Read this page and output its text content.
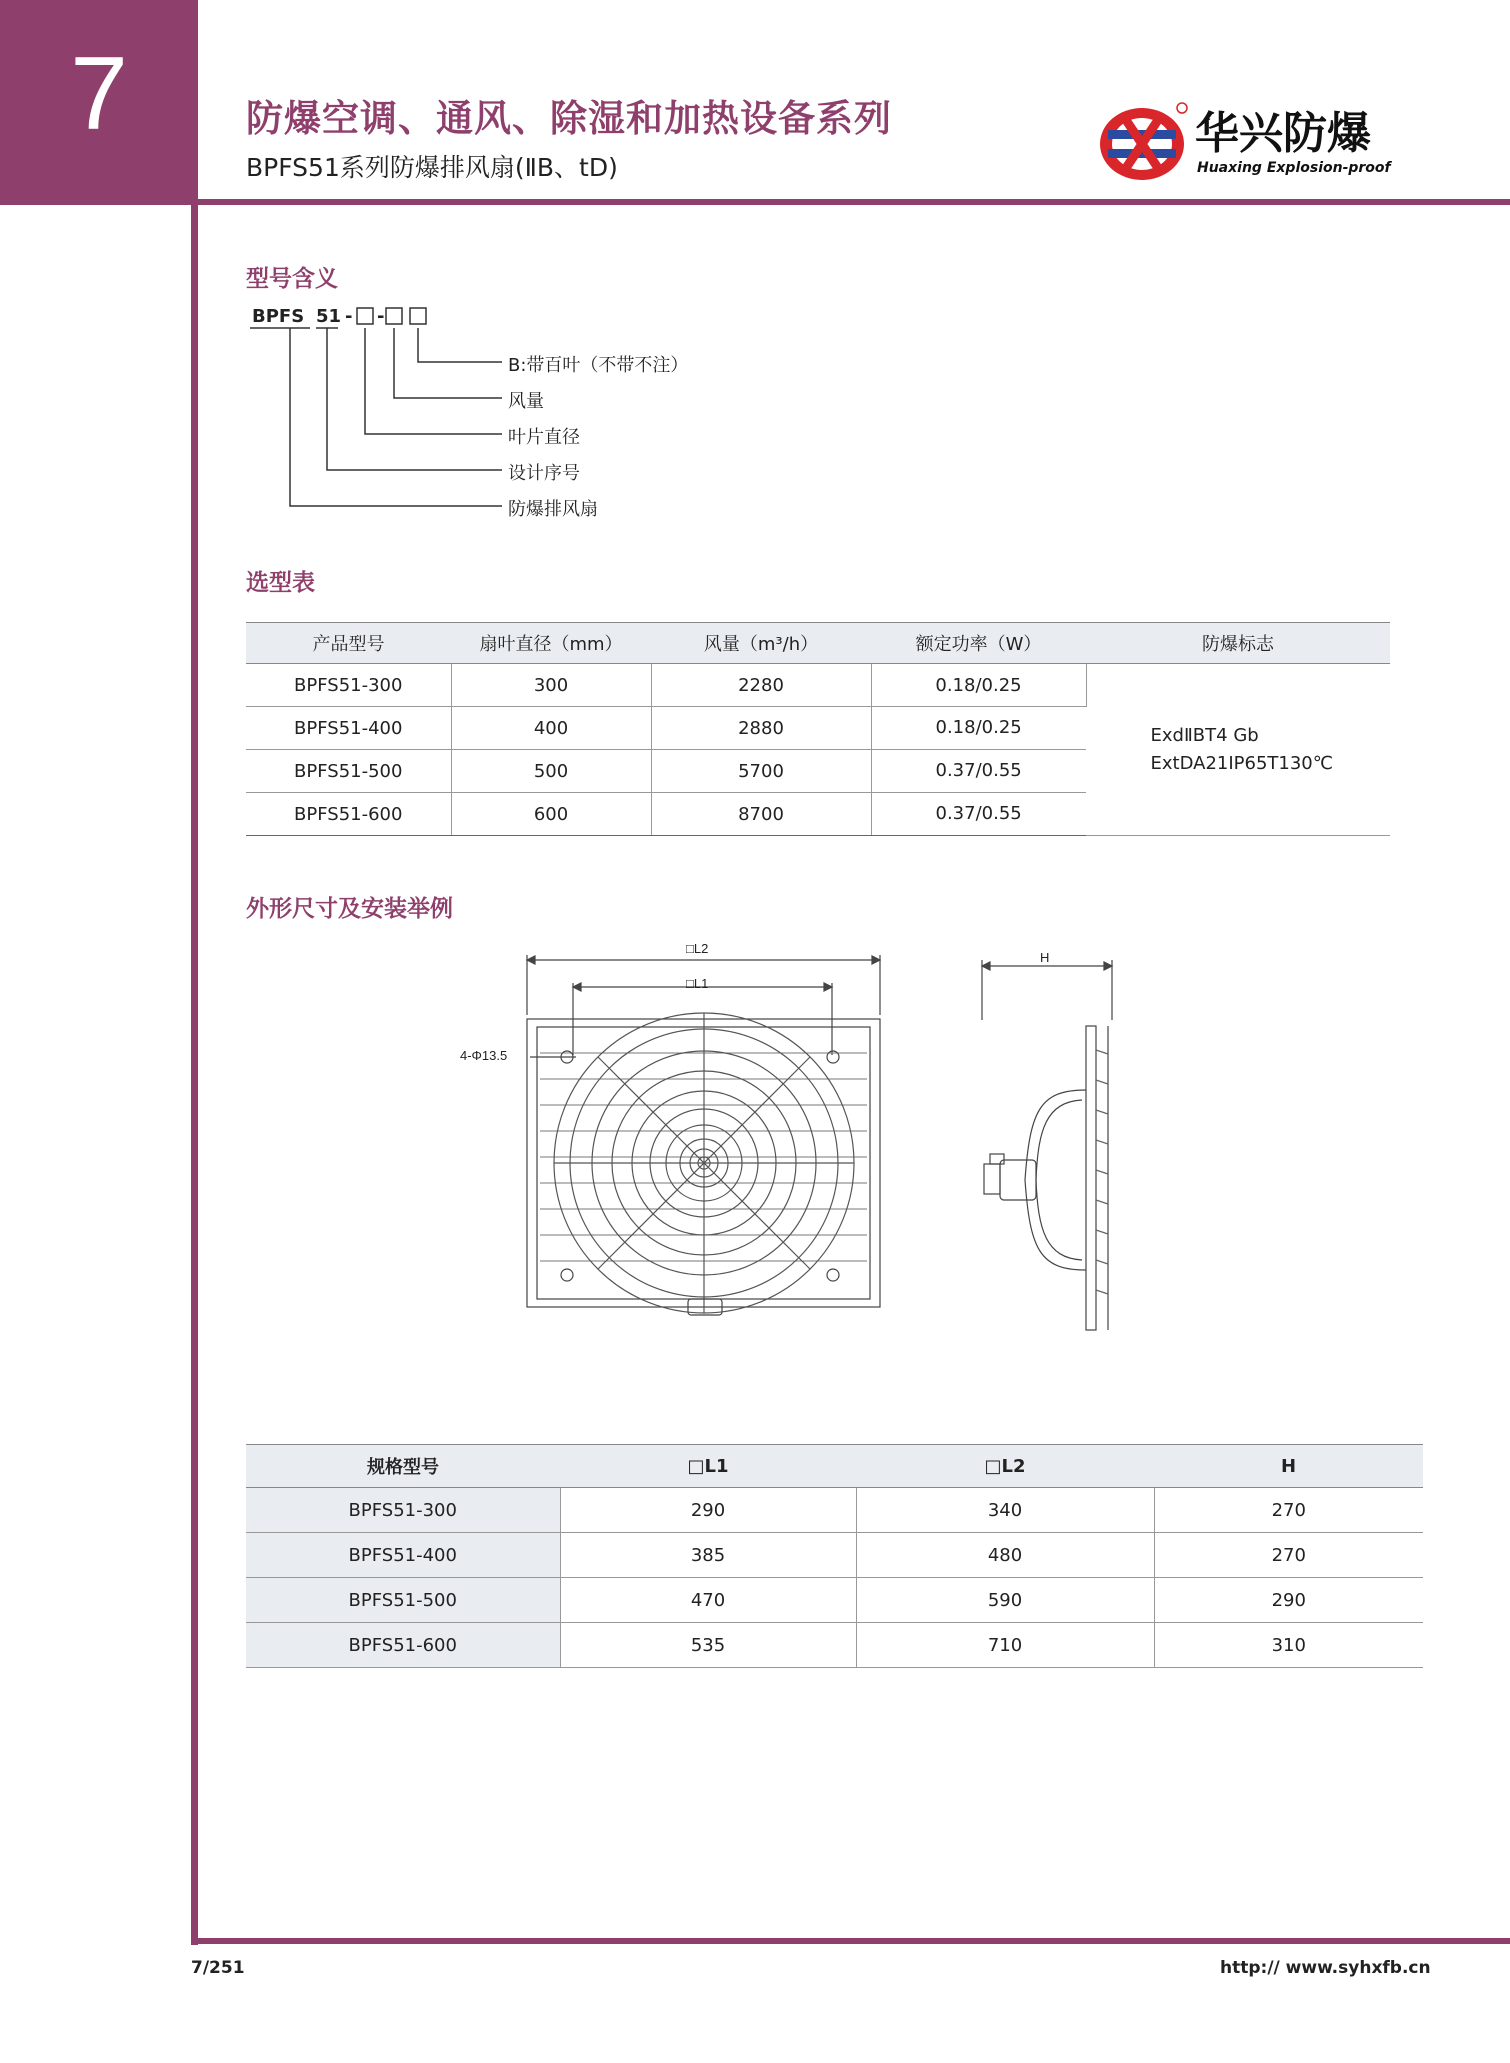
7	防爆空调、通风、除湿和加热设备系列
BPFS51系列防爆排风扇(ⅡB、tD)
华兴防爆
Huaxing Explosion-proof
型号含义
BPFS 51 - -
B:带百叶（不带不注）
风量
叶片直径
设计序号
防爆排风扇
选型表
产品型号	扇叶直径（mm）	风量（m³/h）	额定功率（W）	防爆标志
BPFS51-300	300	2280	0.18/0.25	ExdⅡBT4 Gb
ExtDA21IP65T130℃

BPFS51-400	400	2880	0.18/0.25	
BPFS51-500	500	5700	0.37/0.55	
BPFS51-600	600	8700	0.37/0.55	
外形尺寸及安装举例
□L2
□L1
4-Φ13.5
H
规格型号	□L1	□L2	H
BPFS51-300	290	340	270
BPFS51-400	385	480	270
BPFS51-500	470	590	290
BPFS51-600	535	710	310
7/251	http:// www.syhxfb.cn
